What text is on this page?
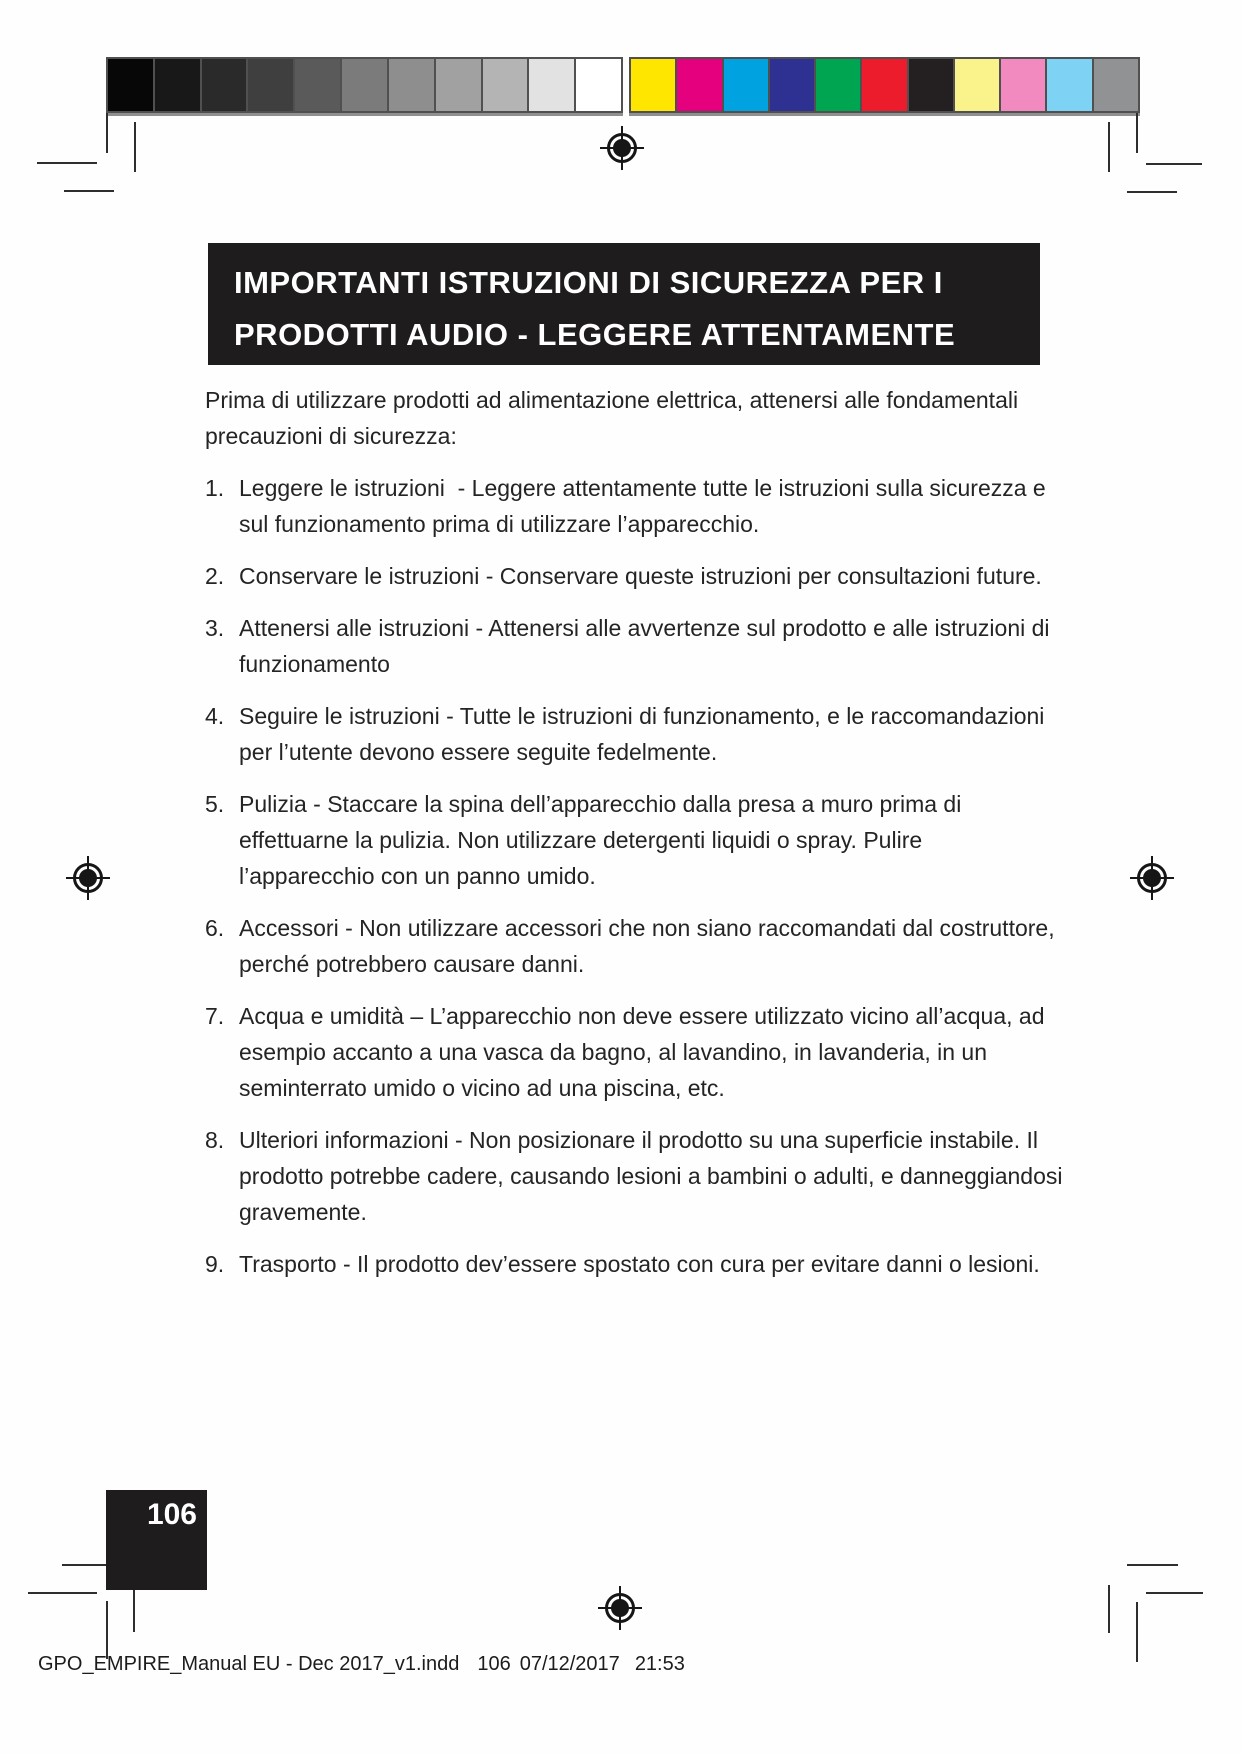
IMPORTANTI ISTRUZIONI DI SICUREZZA PER I
PRODOTTI AUDIO - LEGGERE ATTENTAMENTE

Prima di utilizzare prodotti ad alimentazione elettrica, attenersi alle fondamentali precauzioni di sicurezza:

1. Leggere le istruzioni  - Leggere attentamente tutte le istruzioni sulla sicurezza e sul funzionamento prima di utilizzare l’apparecchio.
2. Conservare le istruzioni - Conservare queste istruzioni per consultazioni future.
3. Attenersi alle istruzioni - Attenersi alle avvertenze sul prodotto e alle istruzioni di funzionamento
4. Seguire le istruzioni - Tutte le istruzioni di funzionamento, e le raccomandazioni per l’utente devono essere seguite fedelmente.
5. Pulizia - Staccare la spina dell’apparecchio dalla presa a muro prima di effettuarne la pulizia. Non utilizzare detergenti liquidi o spray. Pulire l’apparecchio con un panno umido.
6. Accessori - Non utilizzare accessori che non siano raccomandati dal costruttore, perché potrebbero causare danni.
7. Acqua e umidità – L’apparecchio non deve essere utilizzato vicino all’acqua, ad esempio accanto a una vasca da bagno, al lavandino, in lavanderia, in un seminterrato umido o vicino ad una piscina, etc.
8. Ulteriori informazioni - Non posizionare il prodotto su una superficie instabile. Il prodotto potrebbe cadere, causando lesioni a bambini o adulti, e danneggiandosi gravemente.
9. Trasporto - Il prodotto dev’essere spostato con cura per evitare danni o lesioni.
106
GPO_EMPIRE_Manual EU - Dec 2017_v1.indd 106 07/12/2017 21:53
